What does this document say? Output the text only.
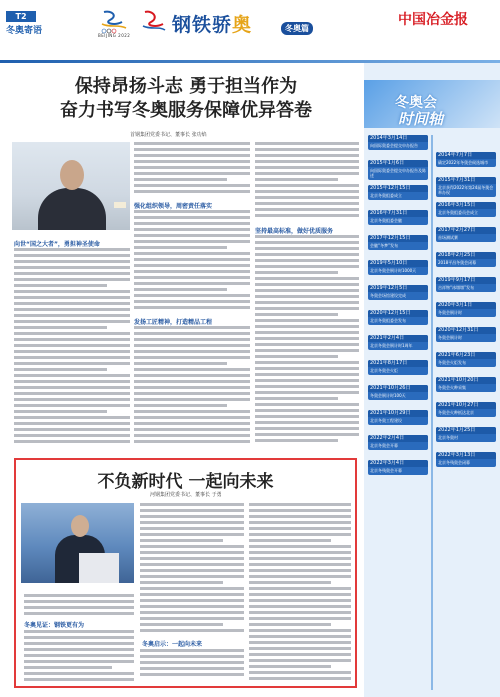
T2
冬奥寄语	BEIJING 2022 钢铁骄奥	冬奥篇
中国冶金报
保持昂扬斗志 勇于担当作为
奋力书写冬奥服务保障优异答卷
首钢集团党委书记、董事长 张功焰
向世“国之大者”，勇担神圣使命
强化组织领导，周密责任落实
发扬工匠精神，打造精品工程
坚持最高标准，做好优质服务
不负新时代 一起向未来
河钢集团党委书记、董事长 于勇
冬奥见证：钢铁更有为
冬奥启示：一起向未来
冬奥会
时间轴
2014年3月14日
向国际奥委会提交申办报告
2014年7月7日
确定2022年冬奥会候选城市
2015年1月6日
向国际奥委会提交申办报告及陈述
2015年7月31日
北京获得2022年第24届冬奥会举办权
2015年12月15日
北京冬奥组委成立
2016年3月15日
北京冬奥组委员会成立
2016年7月31日
北京冬奥组委会徽
2017年2月27日
首场测试赛
2017年12月15日
会徽“冬梦”发布
2018年2月25日
2018平昌冬奥会闭幕
2019年5月10日
北京冬奥会倒计时1000天
2019年9月17日
吉祥物“冰墩墩”发布
2019年12月5日
冬奥会场馆建设完成
2020年3月1日
冬奥会倒计时
2020年12月15日
北京冬奥组委会发布
2020年12月31日
冬奥会倒计时
2021年2月4日
北京冬奥会倒计时1周年
2021年6月23日
冬奥会火炬发布
2021年8月17日
北京冬奥会火炬
2021年10月20日
冬奥会火种采集
2021年10月26日
冬奥会倒计时100天
2021年10月27日
冬奥会火种抵达北京
2021年10月29日
北京冬奥工程建设
2022年1月25日
北京冬奥村
2022年2月4日
北京冬奥会开幕
2022年3月4日
北京冬残奥会开幕
2022年3月13日
北京冬残奥会闭幕
